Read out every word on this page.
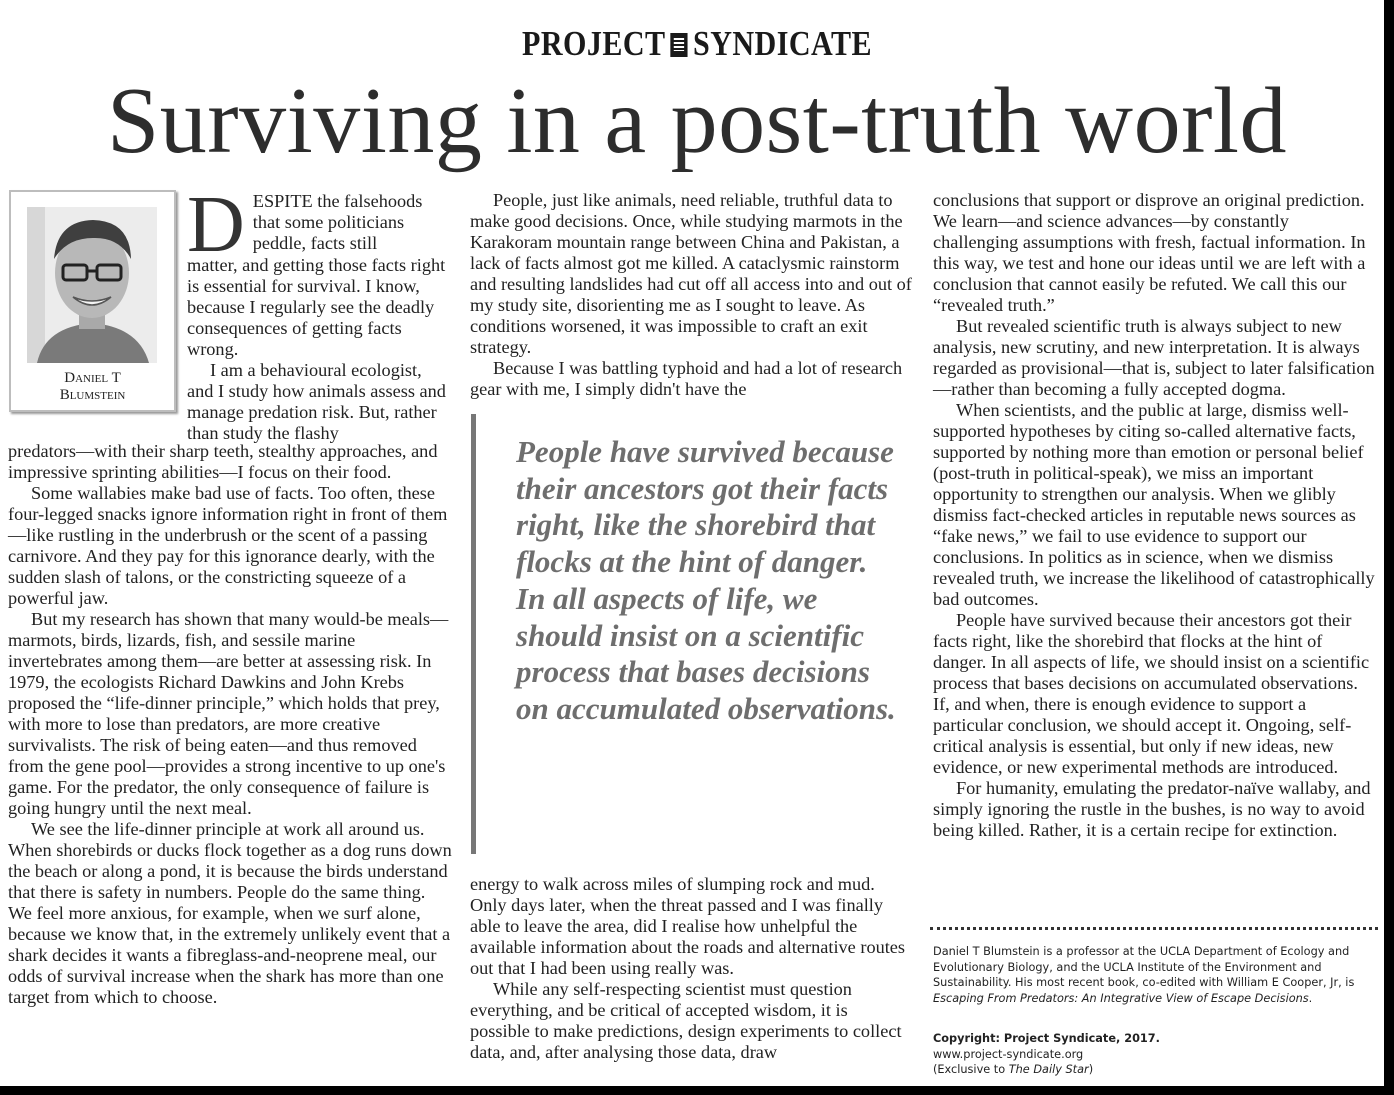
PROJECT SYNDICATE
Surviving in a post-truth world
Daniel T
Blumstein
D ESPITE the falsehoods
that some politicians
peddle, facts still

matter, and getting those facts right is essential for survival. I know, because I regularly see the deadly consequences of getting facts wrong.

I am a behavioural ecologist, and I study how animals assess and manage predation risk. But, rather than study the flashy

predators—with their sharp teeth, stealthy approaches, and impressive sprinting abilities—I focus on their food.

Some wallabies make bad use of facts. Too often, these four-legged snacks ignore information right in front of them—like rustling in the underbrush or the scent of a passing carnivore. And they pay for this ignorance dearly, with the sudden slash of talons, or the constricting squeeze of a powerful jaw.

But my research has shown that many would-be meals—marmots, birds, lizards, fish, and sessile marine invertebrates among them—are better at assessing risk. In 1979, the ecologists Richard Dawkins and John Krebs proposed the “life-dinner principle,” which holds that prey, with more to lose than predators, are more creative survivalists. The risk of being eaten—and thus removed from the gene pool—provides a strong incentive to up one's game. For the predator, the only consequence of failure is going hungry until the next meal.

We see the life-dinner principle at work all around us. When shorebirds or ducks flock together as a dog runs down the beach or along a pond, it is because the birds understand that there is safety in numbers. People do the same thing. We feel more anxious, for example, when we surf alone, because we know that, in the extremely unlikely event that a shark decides it wants a fibreglass-and-neoprene meal, our odds of survival increase when the shark has more than one target from which to choose.

People, just like animals, need reliable, truthful data to make good decisions. Once, while studying marmots in the Karakoram mountain range between China and Pakistan, a lack of facts almost got me killed. A cataclysmic rainstorm and resulting landslides had cut off all access into and out of my study site, disorienting me as I sought to leave. As conditions worsened, it was impossible to craft an exit strategy.

Because I was battling typhoid and had a lot of research gear with me, I simply didn't have the

People have survived because their ancestors got their facts right, like the shorebird that flocks at the hint of danger. In all aspects of life, we should insist on a scientific process that bases decisions on accumulated observations.

energy to walk across miles of slumping rock and mud. Only days later, when the threat passed and I was finally able to leave the area, did I realise how unhelpful the available information about the roads and alternative routes out that I had been using really was.

While any self-respecting scientist must question everything, and be critical of accepted wisdom, it is possible to make predictions, design experiments to collect data, and, after analysing those data, draw

conclusions that support or disprove an original prediction. We learn—and science advances—by constantly challenging assumptions with fresh, factual information. In this way, we test and hone our ideas until we are left with a conclusion that cannot easily be refuted. We call this our “revealed truth.”

But revealed scientific truth is always subject to new analysis, new scrutiny, and new interpretation. It is always regarded as provisional—that is, subject to later falsification—rather than becoming a fully accepted dogma.

When scientists, and the public at large, dismiss well-supported hypotheses by citing so-called alternative facts, supported by nothing more than emotion or personal belief (post-truth in political-speak), we miss an important opportunity to strengthen our analysis. When we glibly dismiss fact-checked articles in reputable news sources as “fake news,” we fail to use evidence to support our conclusions. In politics as in science, when we dismiss revealed truth, we increase the likelihood of catastrophically bad outcomes.

People have survived because their ancestors got their facts right, like the shorebird that flocks at the hint of danger. In all aspects of life, we should insist on a scientific process that bases decisions on accumulated observations. If, and when, there is enough evidence to support a particular conclusion, we should accept it. Ongoing, self-critical analysis is essential, but only if new ideas, new evidence, or new experimental methods are introduced.

For humanity, emulating the predator-naïve wallaby, and simply ignoring the rustle in the bushes, is no way to avoid being killed. Rather, it is a certain recipe for extinction.

Daniel T Blumstein is a professor at the UCLA Department of Ecology and Evolutionary Biology, and the UCLA Institute of the Environment and Sustainability. His most recent book, co-edited with William E Cooper, Jr, is Escaping From Predators: An Integrative View of Escape Decisions.

Copyright: Project Syndicate, 2017.

www.project-syndicate.org

(Exclusive to The Daily Star)
